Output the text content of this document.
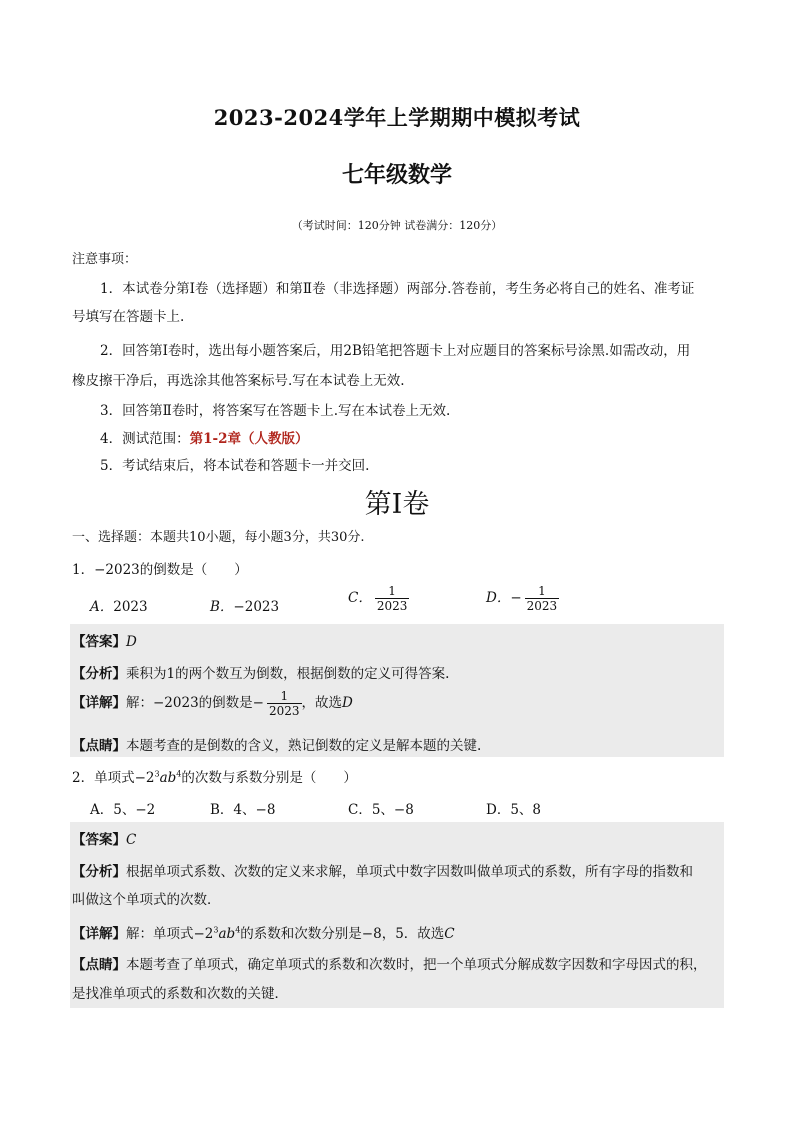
2023-2024学年上学期期中模拟考试
七年级数学
（考试时间：120分钟 试卷满分：120分）
注意事项：
1．本试卷分第Ⅰ卷（选择题）和第Ⅱ卷（非选择题）两部分.答卷前，考生务必将自己的姓名、准考证
号填写在答题卡上.
2．回答第Ⅰ卷时，选出每小题答案后，用2B铅笔把答题卡上对应题目的答案标号涂黑.如需改动，用
橡皮擦干净后，再选涂其他答案标号.写在本试卷上无效.
3．回答第Ⅱ卷时，将答案写在答题卡上.写在本试卷上无效.
4．测试范围：第1-2章（人教版）
5．考试结束后，将本试卷和答题卡一并交回.
第Ⅰ卷
一、选择题：本题共10小题，每小题3分，共30分.
1．−2023的倒数是（　　）
A．2023	B．−2023
C． $\frac{1}{2023}$	D．− $\frac{1}{2023}$
【答案】D
【分析】乘积为1的两个数互为倒数，根据倒数的定义可得答案.
【详解】解：−2023的倒数是− $\frac{1}{2023}$ ，故选D
【点睛】本题考查的是倒数的含义，熟记倒数的定义是解本题的关键.
2．单项式$-2^3ab^4$的次数与系数分别是（　　）
A．5、−2	B．4、−8	C．5、−8	D．5、8
【答案】C
【分析】根据单项式系数、次数的定义来求解，单项式中数字因数叫做单项式的系数，所有字母的指数和
叫做这个单项式的次数．
【详解】解：单项式$-2^3ab^4$的系数和次数分别是−8，5．故选C
【点睛】本题考查了单项式，确定单项式的系数和次数时，把一个单项式分解成数字因数和字母因式的积，
是找准单项式的系数和次数的关键．
